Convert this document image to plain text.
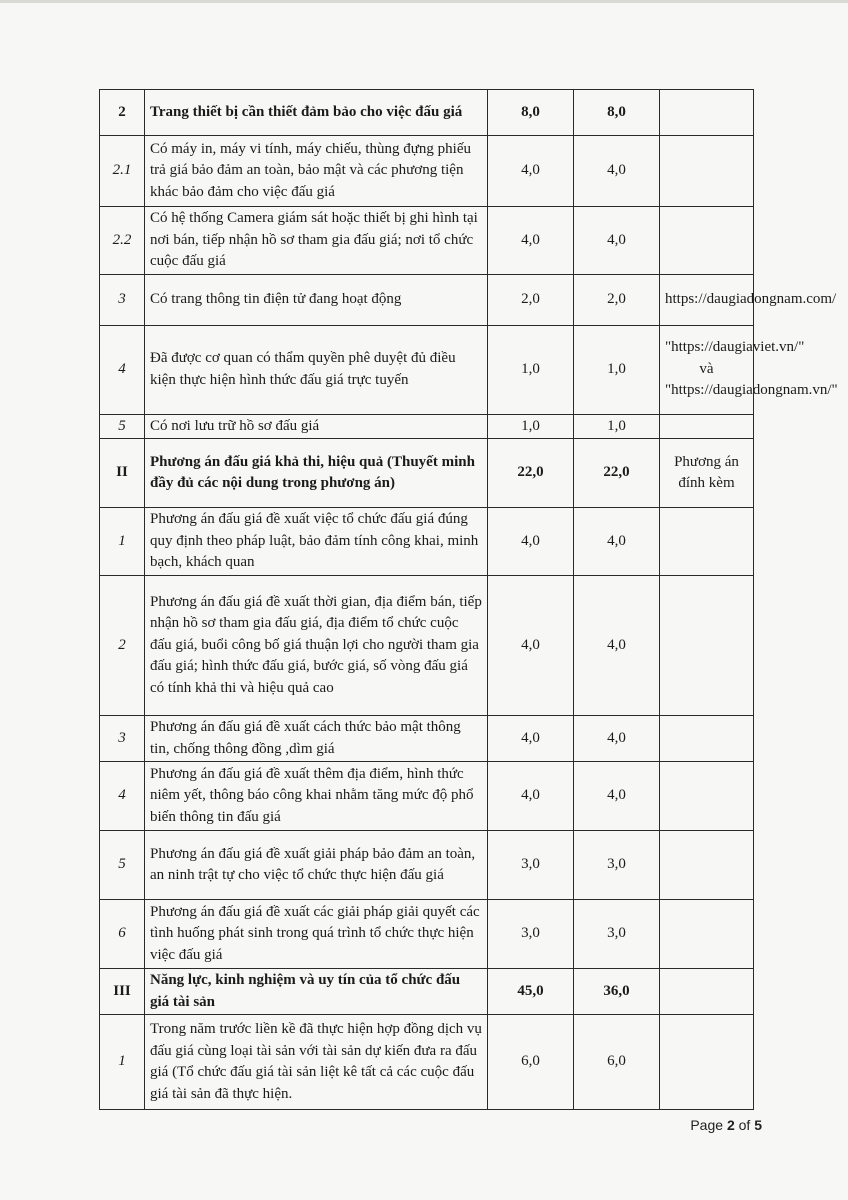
2	Trang thiết bị cần thiết đảm bảo cho việc đấu giá	8,0	8,0	
2.1	Có máy in, máy vi tính, máy chiếu, thùng đựng phiếu trả giá bảo đảm an toàn, bảo mật và các phương tiện khác bảo đảm cho việc đấu giá	4,0	4,0	
2.2	Có hệ thống Camera giám sát hoặc thiết bị ghi hình tại nơi bán, tiếp nhận hồ sơ tham gia đấu giá; nơi tổ chức cuộc đấu giá	4,0	4,0	
3	Có trang thông tin điện tử đang hoạt động	2,0	2,0	https://daugiadongnam.com/
4	Đã được cơ quan có thẩm quyền phê duyệt đủ điều kiện thực hiện hình thức đấu giá trực tuyến	1,0	1,0	"https://daugiaviet.vn/" và "https://daugiadongnam.vn/"
5	Có nơi lưu trữ hồ sơ đấu giá	1,0	1,0	
II	Phương án đấu giá khả thi, hiệu quả (Thuyết minh đầy đủ các nội dung trong phương án)	22,0	22,0	Phương án đính kèm
1	Phương án đấu giá đề xuất việc tổ chức đấu giá đúng quy định theo pháp luật, bảo đảm tính công khai, minh bạch, khách quan	4,0	4,0	
2	Phương án đấu giá đề xuất thời gian, địa điểm bán, tiếp nhận hồ sơ tham gia đấu giá, địa điểm tổ chức cuộc đấu giá, buổi công bố giá thuận lợi cho người tham gia đấu giá; hình thức đấu giá, bước giá, số vòng đấu giá có tính khả thi và hiệu quả cao	4,0	4,0	
3	Phương án đấu giá đề xuất cách thức bảo mật thông tin, chống thông đồng ,dìm giá	4,0	4,0	
4	Phương án đấu giá đề xuất thêm địa điểm, hình thức niêm yết, thông báo công khai nhằm tăng mức độ phổ biến thông tin đấu giá	4,0	4,0	
5	Phương án đấu giá đề xuất giải pháp bảo đảm an toàn, an ninh trật tự cho việc tổ chức thực hiện đấu giá	3,0	3,0	
6	Phương án đấu giá đề xuất các giải pháp giải quyết các tình huống phát sinh trong quá trình tổ chức thực hiện việc đấu giá	3,0	3,0	
III	Năng lực, kinh nghiệm và uy tín của tổ chức đấu giá tài sản	45,0	36,0	
1	Trong năm trước liền kề đã thực hiện hợp đồng dịch vụ đấu giá cùng loại tài sản với tài sản dự kiến đưa ra đấu giá (Tổ chức đấu giá tài sản liệt kê tất cả các cuộc đấu giá tài sản đã thực hiện.	6,0	6,0	
Page 2 of 5
